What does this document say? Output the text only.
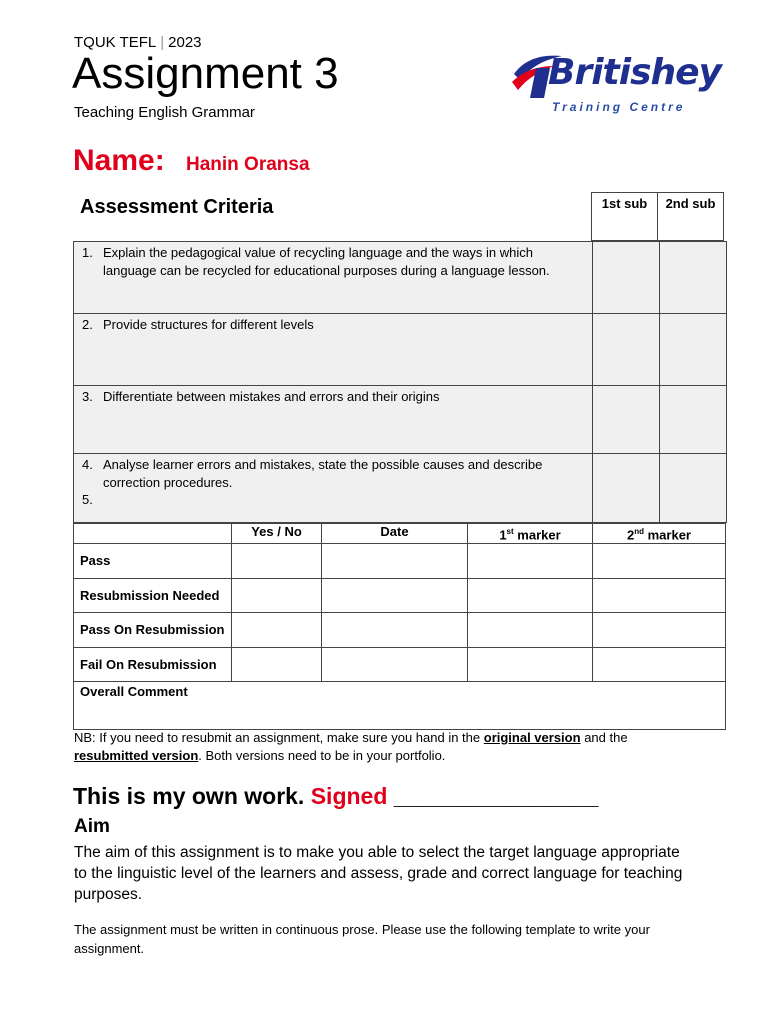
TQUK TEFL | 2023
Assignment 3
Teaching English Grammar
Britishey
Training Centre
Name: Hanin Oransa
Assessment Criteria	1st sub	2nd sub
1. Explain the pedagogical value of recycling language and the ways in which language can be recycled for educational purposes during a language lesson.		

2. Provide structures for different levels		

3. Differentiate between mistakes and errors and their origins		

4. Analyse learner errors and mistakes, state the possible causes and describe correction procedures.
5.		

	Yes / No	Date	1st marker	2nd marker
Pass				
Resubmission Needed				
Pass On Resubmission				
Fail On Resubmission				
Overall Comment				
NB: If you need to resubmit an assignment, make sure you hand in the original version and the
resubmitted version. Both versions need to be in your portfolio.
This is my own work. Signed ________________
Aim
The aim of this assignment is to make you able to select the target language appropriate to the linguistic level of the learners and assess, grade and correct language for teaching purposes.
The assignment must be written in continuous prose. Please use the following template to write your assignment.
